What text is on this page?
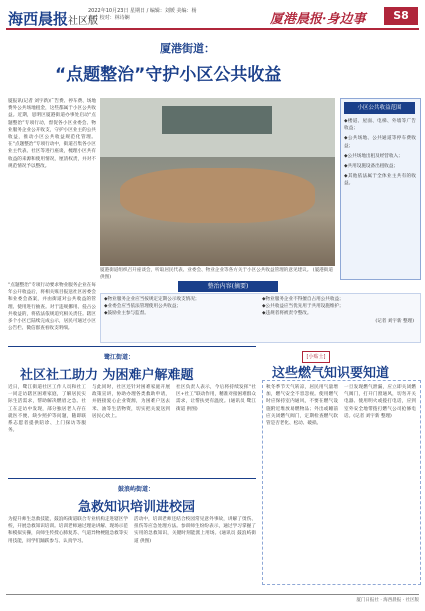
海西晨报社区版
2022年10月23日 星期日 / 编辑：刘媛 美编：杨志叶 校对：林诗娴	厦港晨报·身边事	S8
厦港街道：
“点题整治”守护小区公共收益
厦报讯(记者 刘宇新)广告费、停车费、场地费外公共场地租金，这些都属于小区公共收益。近期，思明区厦港街道办事处启动“点题整治”专项行动，督促各小区业委会、物业服务企业公开收支，守护小区业主的公共收益，推动小区公共收益规范化管理。在“点题整治”专项行动中，街道召集各小区业主代表、社区等进行座谈，梳理小区共有收益的来源和使用情况，厘清权责，并对不规范情况予以整改。
厦港街道组织召开座谈会，听取居民代表、业委会、物业企业等各方关于小区公共收益管理的意见建议。 (厦港街道 供图)
小区公共收益范围
◆楼道、屋面、电梯、外墙等广告收益；
◆公共场地、公共通道等停车费收益；
◆公共场地出租及经营收入；
◆共用设施设备出租收益；
◆其他依法属于全体业主共有的收益。
整治内容(摘要)
◆物业服务企业应当按规定定期公示收支情况；
◆业委会应当依法管理使用公共收益；
◆鼓励业主参与监督。
◆物业服务企业不得擅自占用公共收益；
◆公共收益应当优先用于共用设施维护；
◆违规者将被责令整改。
(记者 刘宇新 整理)
“点题整治”专项行动要求物业服务企业在每年公开收益后，将相关账目报送社区居委会和业委会备案，并由街道对公共收益的管理、使用进行抽查。对于违规挪用、侵占公共收益的，将依法依规追究相关责任。辖区多个小区已陆续完成公示，居民可通过小区公告栏、微信群查看收支明细。
鹭江街道：
社区社工助力 为困难户解难题
近日，鹭江街道社区工作人员和社工一同走访辖区困难家庭，了解居民实际生活需求，帮助解决燃眉之急。社工在走访中发现，部分独居老人存在就医不便、缺少照护等问题，随即联系志愿者提供陪诊、上门探访等服务。
与此同时，社区还针对困难家庭开展政策宣讲，协助办理各类救助申请，并链接爱心企业资源，为困难户送去米、油等生活物资，切实把关爱送到居民心坎上。
社区负责人表示，今后将持续发挥“社区+社工”联动作用，精准对接困难群众需求，让帮扶更有温度。(通讯员 鹭江街道 供图)
鼓浪屿街道：
急救知识培训进校园
为提升师生急救技能，鼓浪屿街道联合专业机构走进辖区学校，开展急救知识培训。培训老师通过理论讲解、现场示范和模拟实操，向师生传授心肺复苏、气道异物梗阻急救等实用技能，同学们踊跃参与、认真学习。
活动中，培训老师还结合校园常见意外事故，讲解了烫伤、扭伤等应急处理方法。参训师生纷纷表示，通过学习掌握了实用的急救知识，关键时刻能派上用场。(通讯员 鼓浪屿街道 供图)
[小贴士]
这些燃气知识要知道
秋冬季节天气转凉，居民用气量增加，燃气安全不容忽视。使用燃气时应保持室内通风，不要在燃气设施附近堆放易燃物品；外出或睡前应关闭燃气阀门，定期检查燃气软管是否老化、松动、破损。
一旦发现燃气泄漏，应立即关闭燃气阀门，打开门窗通风，切勿开关电器、使用明火或拨打电话，应到室外安全地带拨打燃气公司抢修电话。(记者 刘宇新 整理)
厦门日报社 · 海西晨报 · 社区版
